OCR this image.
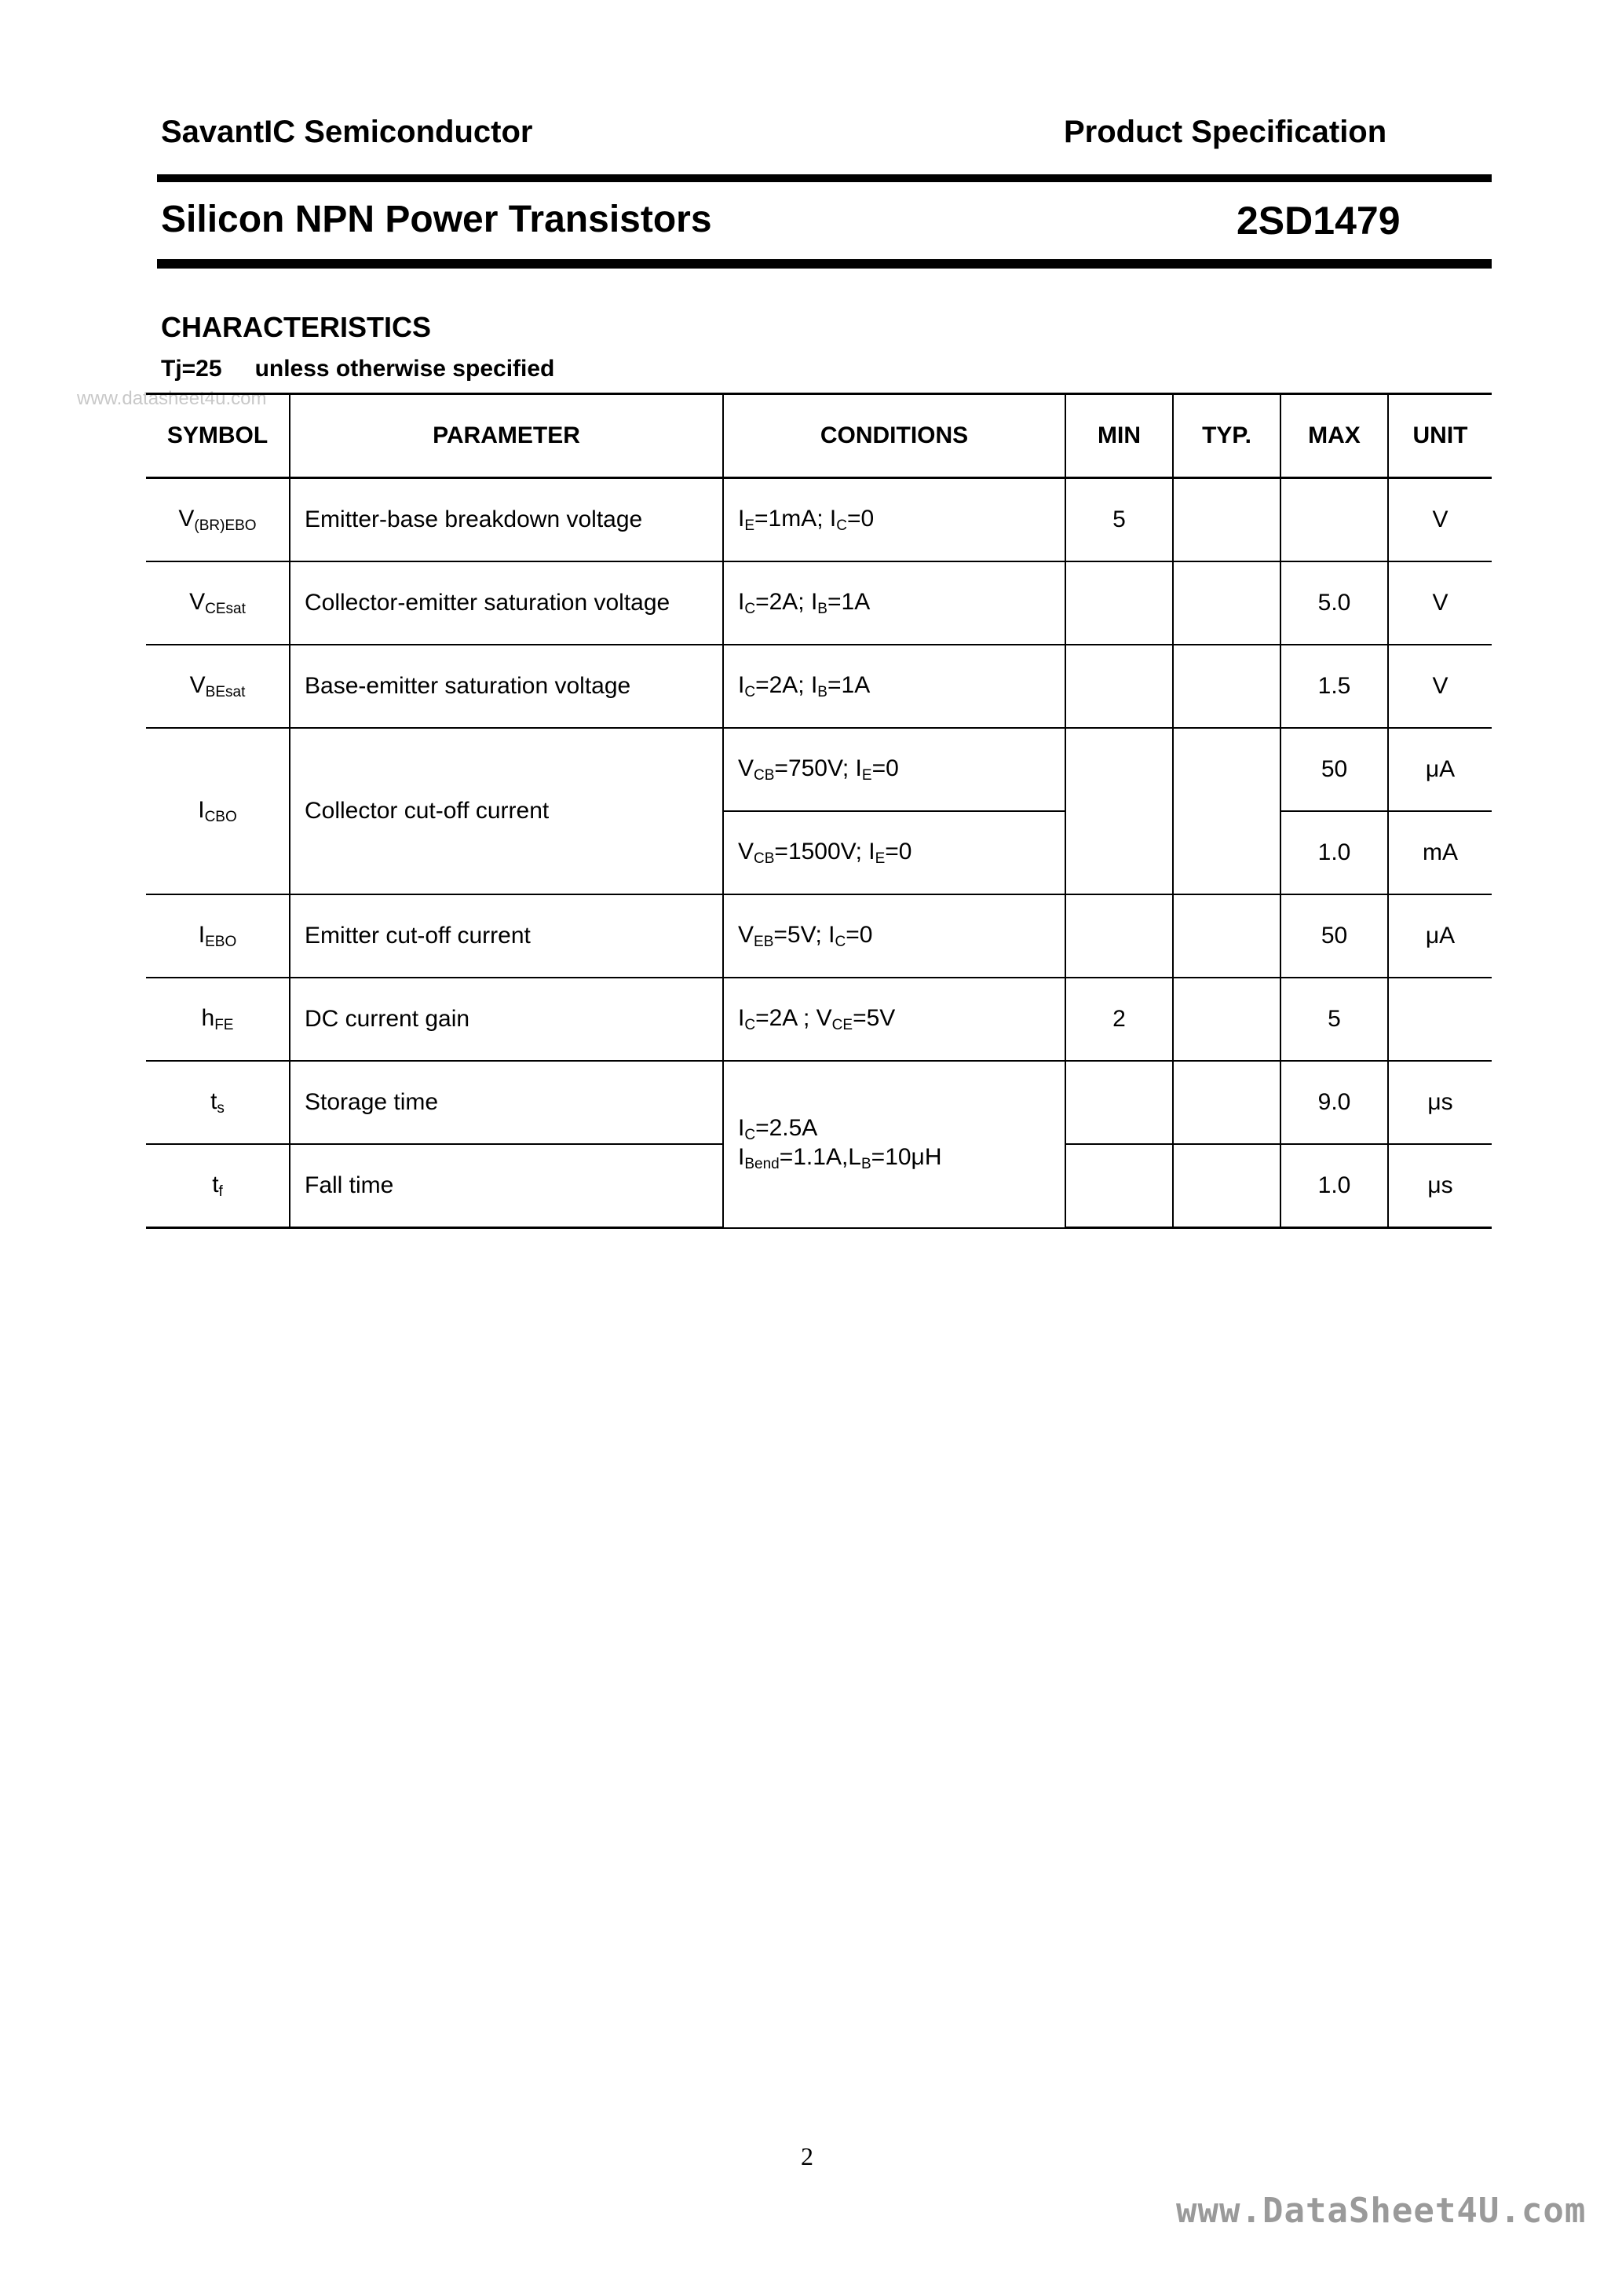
SavantIC Semiconductor	Product Specification
Silicon NPN Power Transistors	2SD1479
CHARACTERISTICS
Tj=25 unless otherwise specified
www.datasheet4u.com
SYMBOL	PARAMETER	CONDITIONS	MIN	TYP.	MAX	UNIT
$V_{(BR)EBO}$	Emitter-base breakdown voltage	$I_E=1mA$; $I_C=0$	5			V
$V_{CEsat}$	Collector-emitter saturation voltage	$I_C=2A$; $I_B=1A$			5.0	V
$V_{BEsat}$	Base-emitter saturation voltage	$I_C=2A$; $I_B=1A$			1.5	V
$I_{CBO}$	Collector cut-off current	$V_{CB}=750V$; $I_E=0$			50	μA
		$V_{CB}=1500V$; $I_E=0$			1.0	mA
$I_{EBO}$	Emitter cut-off current	$V_{EB}=5V$; $I_C=0$			50	μA
$h_{FE}$	DC current gain	$I_C=2A$ ; $V_{CE}=5V$	2		5	
$t_s$	Storage time	$I_C=2.5A$
$I_{Bend}=1.1A,L_B=10\mu H$			9.0	μs
$t_f$	Fall time				1.0	μs
2
www.DataSheet4U.com
